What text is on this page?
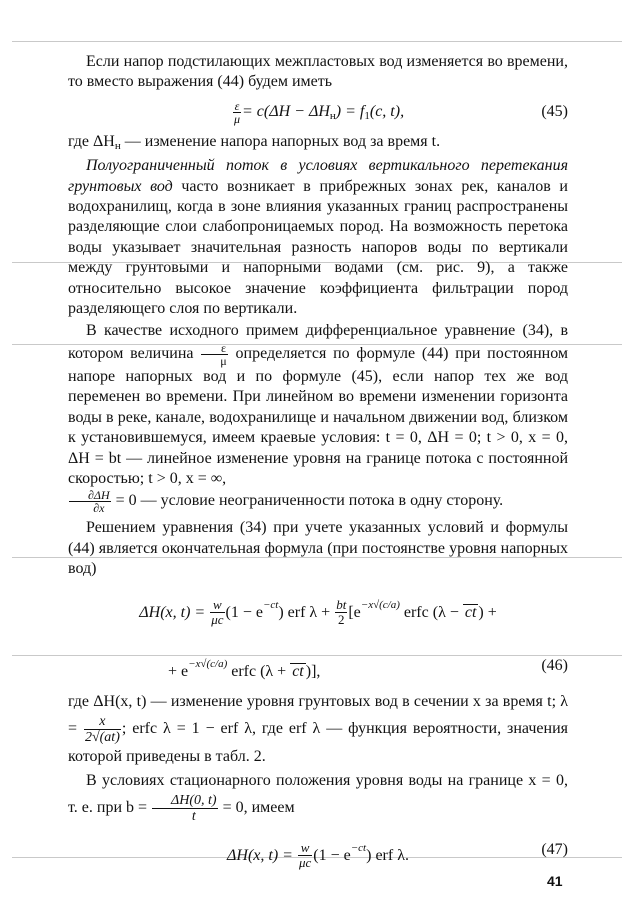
Если напор подстилающих межпластовых вод изменяется во времени, то вместо выражения (44) будем иметь

$\frac{\varepsilon}{\mu} = c(\Delta H - \Delta H_н) = f_1(c$, t),	(45)

где $\Delta H_н$ — изменение напора напорных вод за время t.

Полуограниченный поток в условиях вертикального перетекания грунтовых вод часто возникает в прибрежных зонах рек, каналов и водохранилищ, когда в зоне влияния указанных границ распространены разделяющие слои слабопроницаемых пород. На возможность перетока воды указывает значительная разность напоров воды по вертикали между грунтовыми и напорными водами (см. рис. 9), а также относительно высокое значение коэффициента фильтрации пород разделяющего слоя по вертикали.

В качестве исходного примем дифференциальное уравнение (34), в котором величина $\frac{\varepsilon}{\mu}$ определяется по формуле (44) при постоянном напоре напорных вод и по формуле (45), если напор тех же вод переменен во времени. При линейном во времени изменении горизонта воды в реке, канале, водохранилище и начальном движении вод, близком к установившемуся, имеем краевые условия: t = 0, ΔH = 0; t > 0, x = 0, ΔH = bt — линейное изменение уровня на границе потока с постоянной скоростью; t > 0, x = ∞,

$\frac{\partial\Delta H}{\partial x} = 0$ — условие неограниченности потока в одну сторону.

Решением уравнения (34) при учете указанных условий и формулы (44) является окончательная формула (при постоянстве уровня напорных вод)

ΔH(x, $t) = \frac{w}{\mu c} (1 - e^{-ct})$ erf $\lambda + \frac{bt}{2} [e^{-x√(c/a)}$ erfc (λ − ct ) +
+ $e^{-x√(c/a)}$ erfc (λ + ct )],	(46)

где ΔH(x, t) — изменение уровня грунтовых вод в сечении x за время t; $\lambda = \frac{x}{2√(at)}$ ; erfc λ = 1 − erf λ, где erf λ — функция вероятности, значения которой приведены в табл. 2.

В условиях стационарного положения уровня воды на границе x = 0, т. е. при $b = \frac{\Delta H(0, t)}{t} = 0$, имеем

ΔH(x, $t) = \frac{w}{\mu c} (1 - e^{-ct})$ erf λ.	(47)
41
